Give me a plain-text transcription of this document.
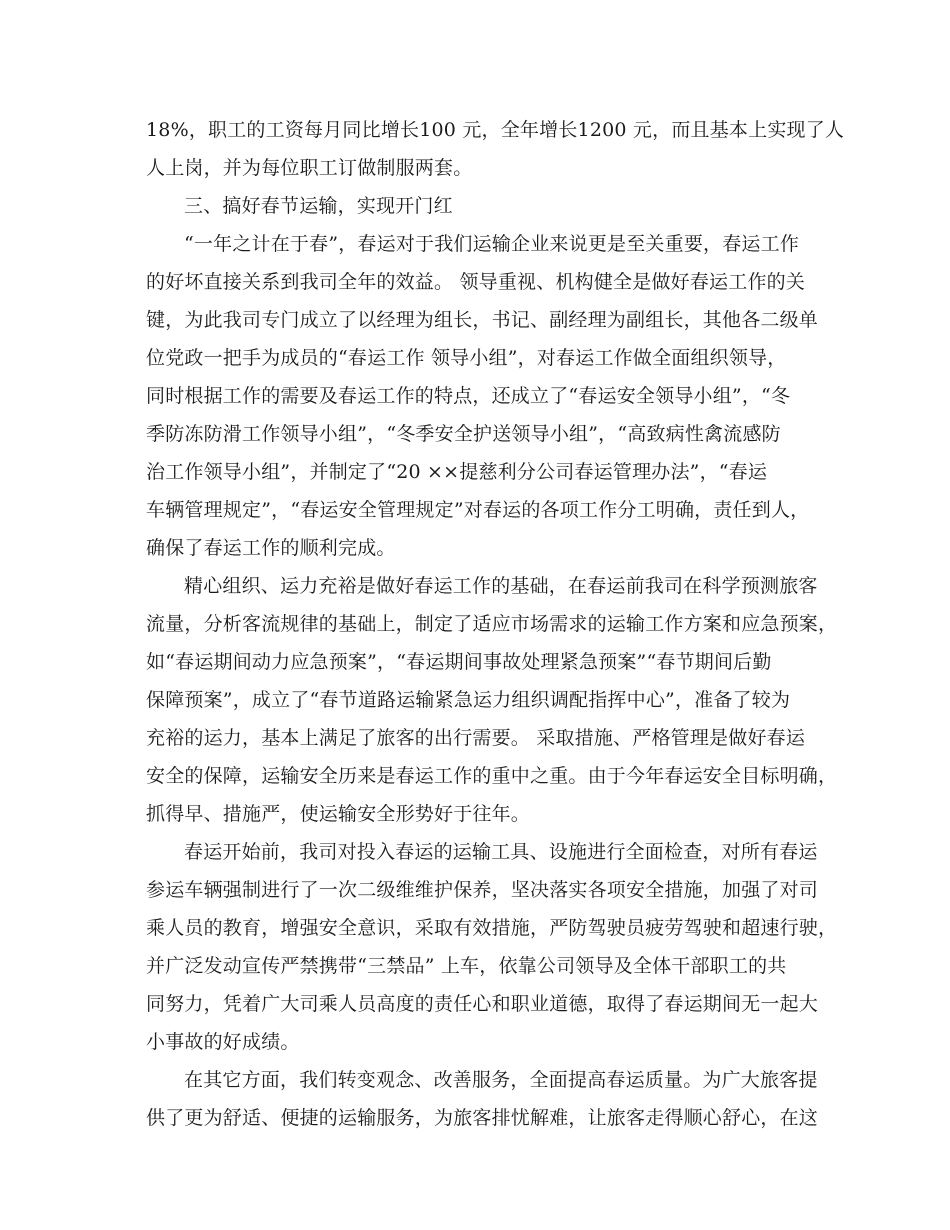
18%，职工的工资每月同比增长100 元，全年增长1200 元，而且基本上实现了人
人上岗，并为每位职工订做制服两套。
三、搞好春节运输，实现开门红
“一年之计在于春”，春运对于我们运输企业来说更是至关重要，春运工作
的好坏直接关系到我司全年的效益。 领导重视、机构健全是做好春运工作的关
键，为此我司专门成立了以经理为组长，书记、副经理为副组长，其他各二级单
位党政一把手为成员的“春运工作 领导小组”，对春运工作做全面组织领导，
同时根据工作的需要及春运工作的特点，还成立了“春运安全领导小组”，“冬
季防冻防滑工作领导小组”，“冬季安全护送领导小组”，“高致病性禽流感防
治工作领导小组”，并制定了“20 ××提慈利分公司春运管理办法”，“春运
车辆管理规定”，“春运安全管理规定”对春运的各项工作分工明确，责任到人，
确保了春运工作的顺利完成。
精心组织、运力充裕是做好春运工作的基础，在春运前我司在科学预测旅客
流量，分析客流规律的基础上，制定了适应市场需求的运输工作方案和应急预案，
如“春运期间动力应急预案”，“春运期间事故处理紧急预案”“春节期间后勤
保障预案”，成立了“春节道路运输紧急运力组织调配指挥中心”，准备了较为
充裕的运力，基本上满足了旅客的出行需要。 采取措施、严格管理是做好春运
安全的保障，运输安全历来是春运工作的重中之重。由于今年春运安全目标明确，
抓得早、措施严，使运输安全形势好于往年。
春运开始前，我司对投入春运的运输工具、设施进行全面检查，对所有春运
参运车辆强制进行了一次二级维维护保养，坚决落实各项安全措施，加强了对司
乘人员的教育，增强安全意识，采取有效措施，严防驾驶员疲劳驾驶和超速行驶，
并广泛发动宣传严禁携带“三禁品” 上车，依靠公司领导及全体干部职工的共
同努力，凭着广大司乘人员高度的责任心和职业道德，取得了春运期间无一起大
小事故的好成绩。
在其它方面，我们转变观念、改善服务，全面提高春运质量。为广大旅客提
供了更为舒适、便捷的运输服务，为旅客排忧解难，让旅客走得顺心舒心，在这
